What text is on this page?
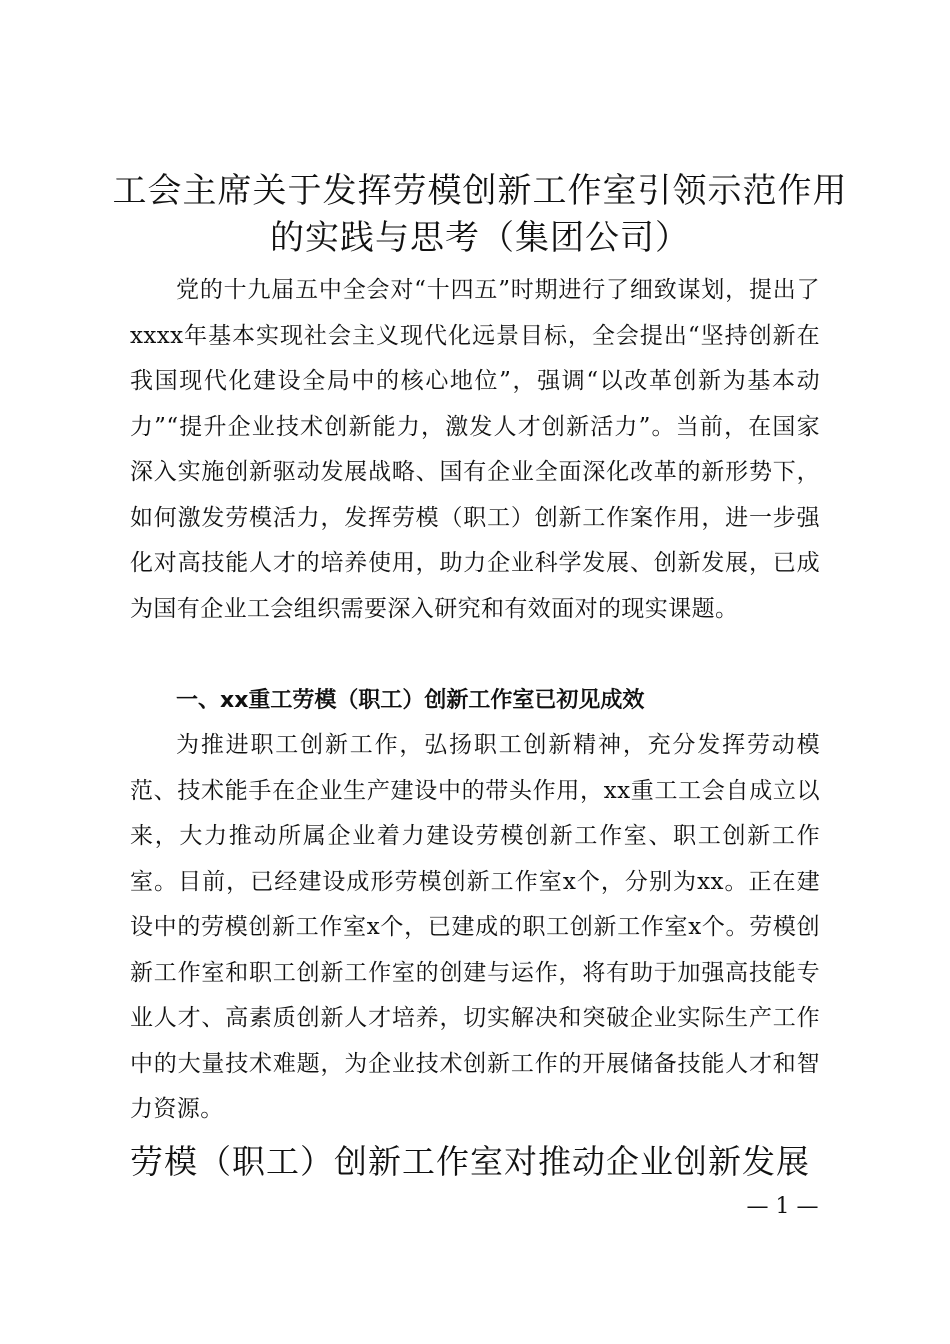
工会主席关于发挥劳模创新工作室引领示范作用的实践与思考（集团公司）

党的十九届五中全会对“十四五”时期进行了细致谋划，提出了xxxx年基本实现社会主义现代化远景目标，全会提出“坚持创新在我国现代化建设全局中的核心地位”，强调“以改革创新为基本动力”“提升企业技术创新能力，激发人才创新活力”。当前，在国家深入实施创新驱动发展战略、国有企业全面深化改革的新形势下，如何激发劳模活力，发挥劳模（职工）创新工作案作用，进一步强化对高技能人才的培养使用，助力企业科学发展、创新发展，已成为国有企业工会组织需要深入研究和有效面对的现实课题。

一、xx重工劳模（职工）创新工作室已初见成效

为推进职工创新工作，弘扬职工创新精神，充分发挥劳动模范、技术能手在企业生产建设中的带头作用，xx重工工会自成立以来，大力推动所属企业着力建设劳模创新工作室、职工创新工作室。目前，已经建设成形劳模创新工作室x个，分别为xx。正在建设中的劳模创新工作室x个，已建成的职工创新工作室x个。劳模创新工作室和职工创新工作室的创建与运作，将有助于加强高技能专业人才、高素质创新人才培养，切实解决和突破企业实际生产工作中的大量技术难题，为企业技术创新工作的开展储备技能人才和智力资源。

劳模（职工）创新工作室对推动企业创新发展
— 1 —
